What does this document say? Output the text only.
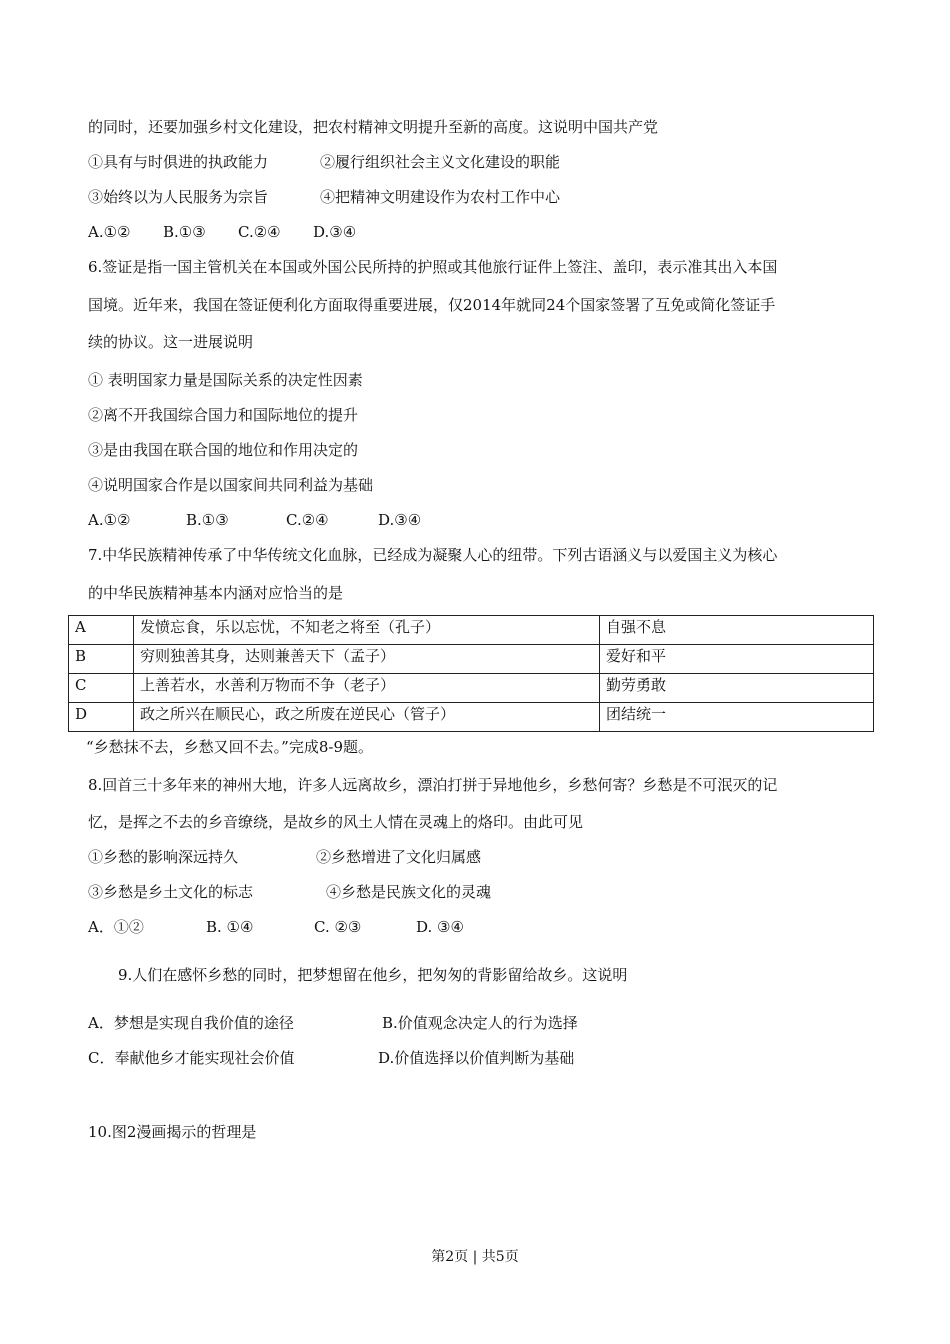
的同时，还要加强乡村文化建设，把农村精神文明提升至新的高度。这说明中国共产党
①具有与时俱进的执政能力	②履行组织社会主义文化建设的职能
③始终以为人民服务为宗旨	④把精神文明建设作为农村工作中心
A.①② B.①③ C.②④ D.③④
6.签证是指一国主管机关在本国或外国公民所持的护照或其他旅行证件上签注、盖印，表示准其出入本国
国境。近年来，我国在签证便利化方面取得重要进展，仅2014年就同24个国家签署了互免或简化签证手
续的协议。这一进展说明
① 表明国家力量是国际关系的决定性因素
②离不开我国综合国力和国际地位的提升
③是由我国在联合国的地位和作用决定的
④说明国家合作是以国家间共同利益为基础
A.①②	B.①③	C.②④	D.③④
7.中华民族精神传承了中华传统文化血脉，已经成为凝聚人心的纽带。下列古语涵义与以爱国主义为核心
的中华民族精神基本内涵对应恰当的是
A	发愤忘食，乐以忘忧，不知老之将至（孔子）	自强不息
B	穷则独善其身，达则兼善天下（孟子）	爱好和平
C	上善若水，水善利万物而不争（老子）	勤劳勇敢
D	政之所兴在顺民心，政之所废在逆民心（管子）	团结统一
“乡愁抹不去，乡愁又回不去。”完成8-9题。
8.回首三十多年来的神州大地，许多人远离故乡，漂泊打拼于异地他乡，乡愁何寄？乡愁是不可泯灭的记
忆，是挥之不去的乡音缭绕，是故乡的风土人情在灵魂上的烙印。由此可见
①乡愁的影响深远持久	②乡愁增进了文化归属感
③乡愁是乡土文化的标志	④乡愁是民族文化的灵魂
A．①②	B. ①④	C. ②③	D. ③④
9.人们在感怀乡愁的同时，把梦想留在他乡，把匆匆的背影留给故乡。这说明
A．梦想是实现自我价值的途径	B.价值观念决定人的行为选择
C．奉献他乡才能实现社会价值	D.价值选择以价值判断为基础
10.图2漫画揭示的哲理是
第2页 | 共5页
